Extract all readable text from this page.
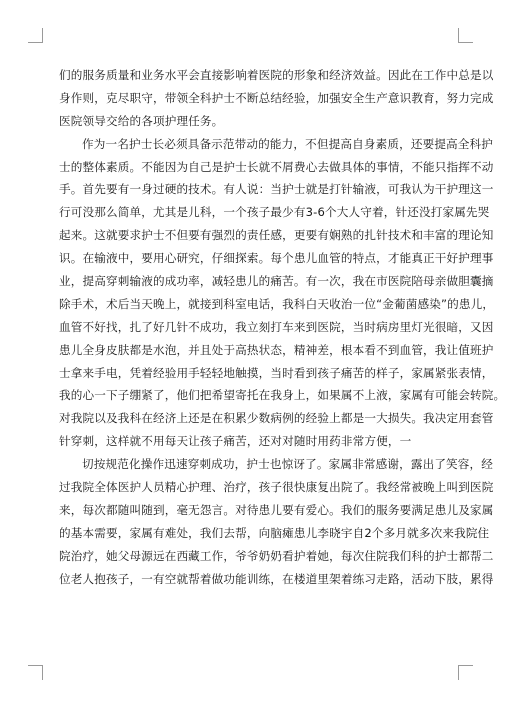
们的服务质量和业务水平会直接影响着医院的形象和经济效益。因此在工作中总是以
身作则，克尽职守，带领全科护士不断总结经验，加强安全生产意识教育，努力完成
医院领导交给的各项护理任务。
作为一名护士长必须具备示范带动的能力，不但提高自身素质，还要提高全科护
士的整体素质。不能因为自己是护士长就不屑费心去做具体的事情，不能只指挥不动
手。首先要有一身过硬的技术。有人说：当护士就是打针输液，可我认为干护理这一
行可没那么简单，尤其是儿科，一个孩子最少有3-6个大人守着，针还没打家属先哭
起来。这就要求护士不但要有强烈的责任感，更要有娴熟的扎针技术和丰富的理论知
识。在输液中，要用心研究，仔细探索。每个患儿血管的特点，才能真正干好护理事
业，提高穿刺输液的成功率，减轻患儿的痛苦。有一次，我在市医院陪母亲做胆囊摘
除手术，术后当天晚上，就接到科室电话，我科白天收治一位“金葡菌感染”的患儿，
血管不好找，扎了好几针不成功，我立刻打车来到医院，当时病房里灯光很暗，又因
患儿全身皮肤都是水泡，并且处于高热状态，精神差，根本看不到血管，我让值班护
士拿来手电，凭着经验用手轻轻地触摸，当时看到孩子痛苦的样子，家属紧张表情，
我的心一下子绷紧了，他们把希望寄托在我身上，如果属不上液，家属有可能会转院。
对我院以及我科在经济上还是在积累少数病例的经验上都是一大损失。我决定用套管
针穿刺，这样就不用每天让孩子痛苦，还对对随时用药非常方便，一
切按规范化操作迅速穿刺成功，护士也惊讶了。家属非常感谢，露出了笑容，经
过我院全体医护人员精心护理、治疗，孩子很快康复出院了。我经常被晚上叫到医院
来，每次都随叫随到，毫无怨言。对待患儿要有爱心。我们的服务要满足患儿及家属
的基本需要，家属有难处，我们去帮，向脑瘫患儿李晓宇自2个多月就多次来我院住
院治疗，她父母源远在西藏工作，爷爷奶奶看护着她，每次住院我们科的护士都帮二
位老人抱孩子，一有空就帮着做功能训练，在楼道里架着练习走路，活动下肢，累得
